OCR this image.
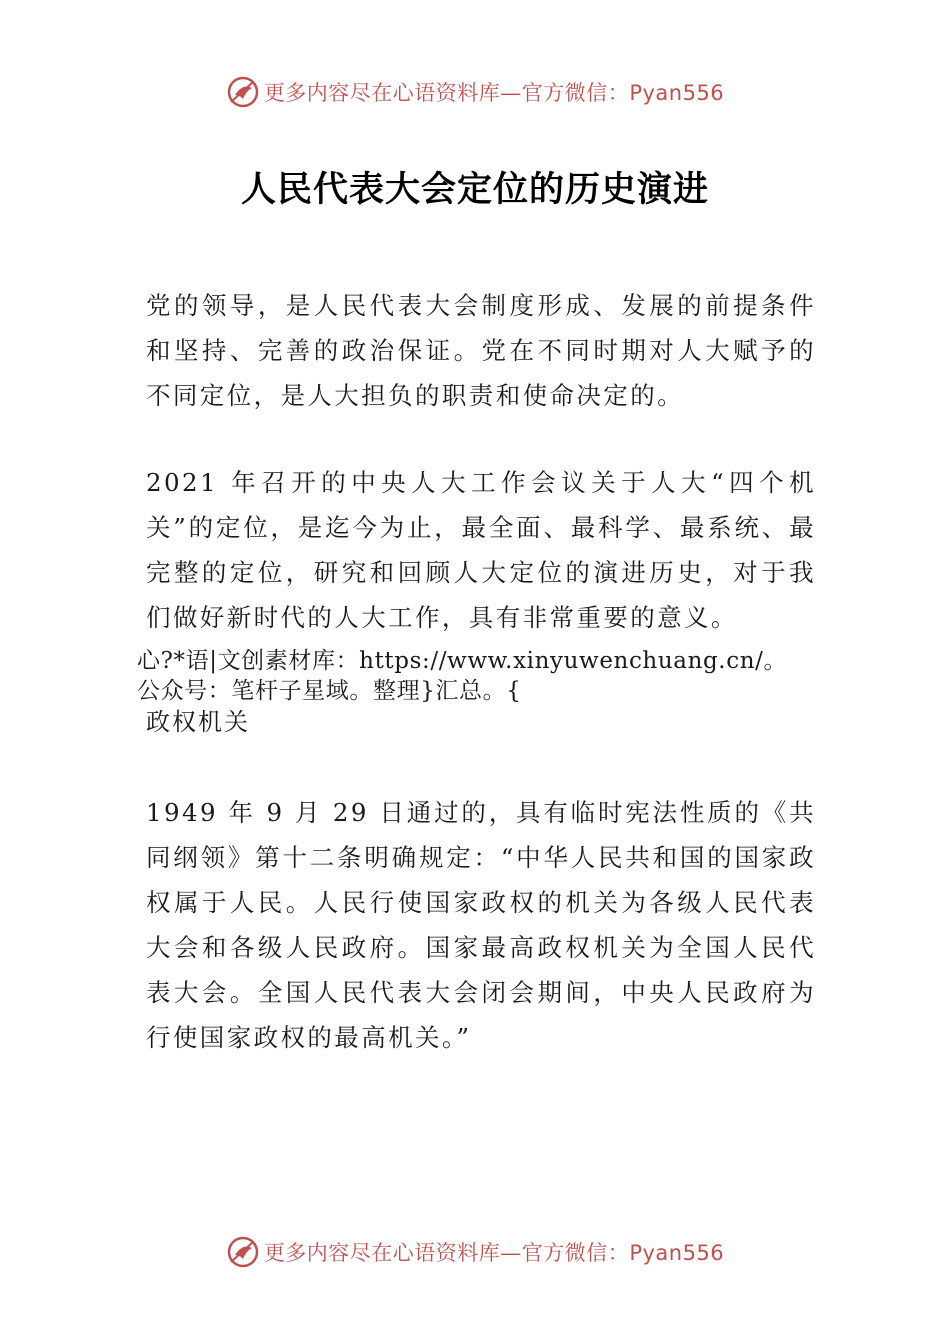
更多内容尽在心语资料库—官方微信：Pyan556
人民代表大会定位的历史演进

党的领导，是人民代表大会制度形成、发展的前提条件和坚持、完善的政治保证。党在不同时期对人大赋予的不同定位，是人大担负的职责和使命决定的。

2021 年召开的中央人大工作会议关于人大“四个机关”的定位，是迄今为止，最全面、最科学、最系统、最完整的定位，研究和回顾人大定位的演进历史，对于我们做好新时代的人大工作，具有非常重要的意义。

心?*语|文创素材库：https://www.xinyuwenchuang.cn/。
公众号：笔杆子星域。整理}汇总。{

政权机关

1949 年 9 月 29 日通过的，具有临时宪法性质的《共同纲领》第十二条明确规定：“中华人民共和国的国家政权属于人民。人民行使国家政权的机关为各级人民代表大会和各级人民政府。国家最高政权机关为全国人民代表大会。全国人民代表大会闭会期间，中央人民政府为行使国家政权的最高机关。”

更多内容尽在心语资料库—官方微信：Pyan556
